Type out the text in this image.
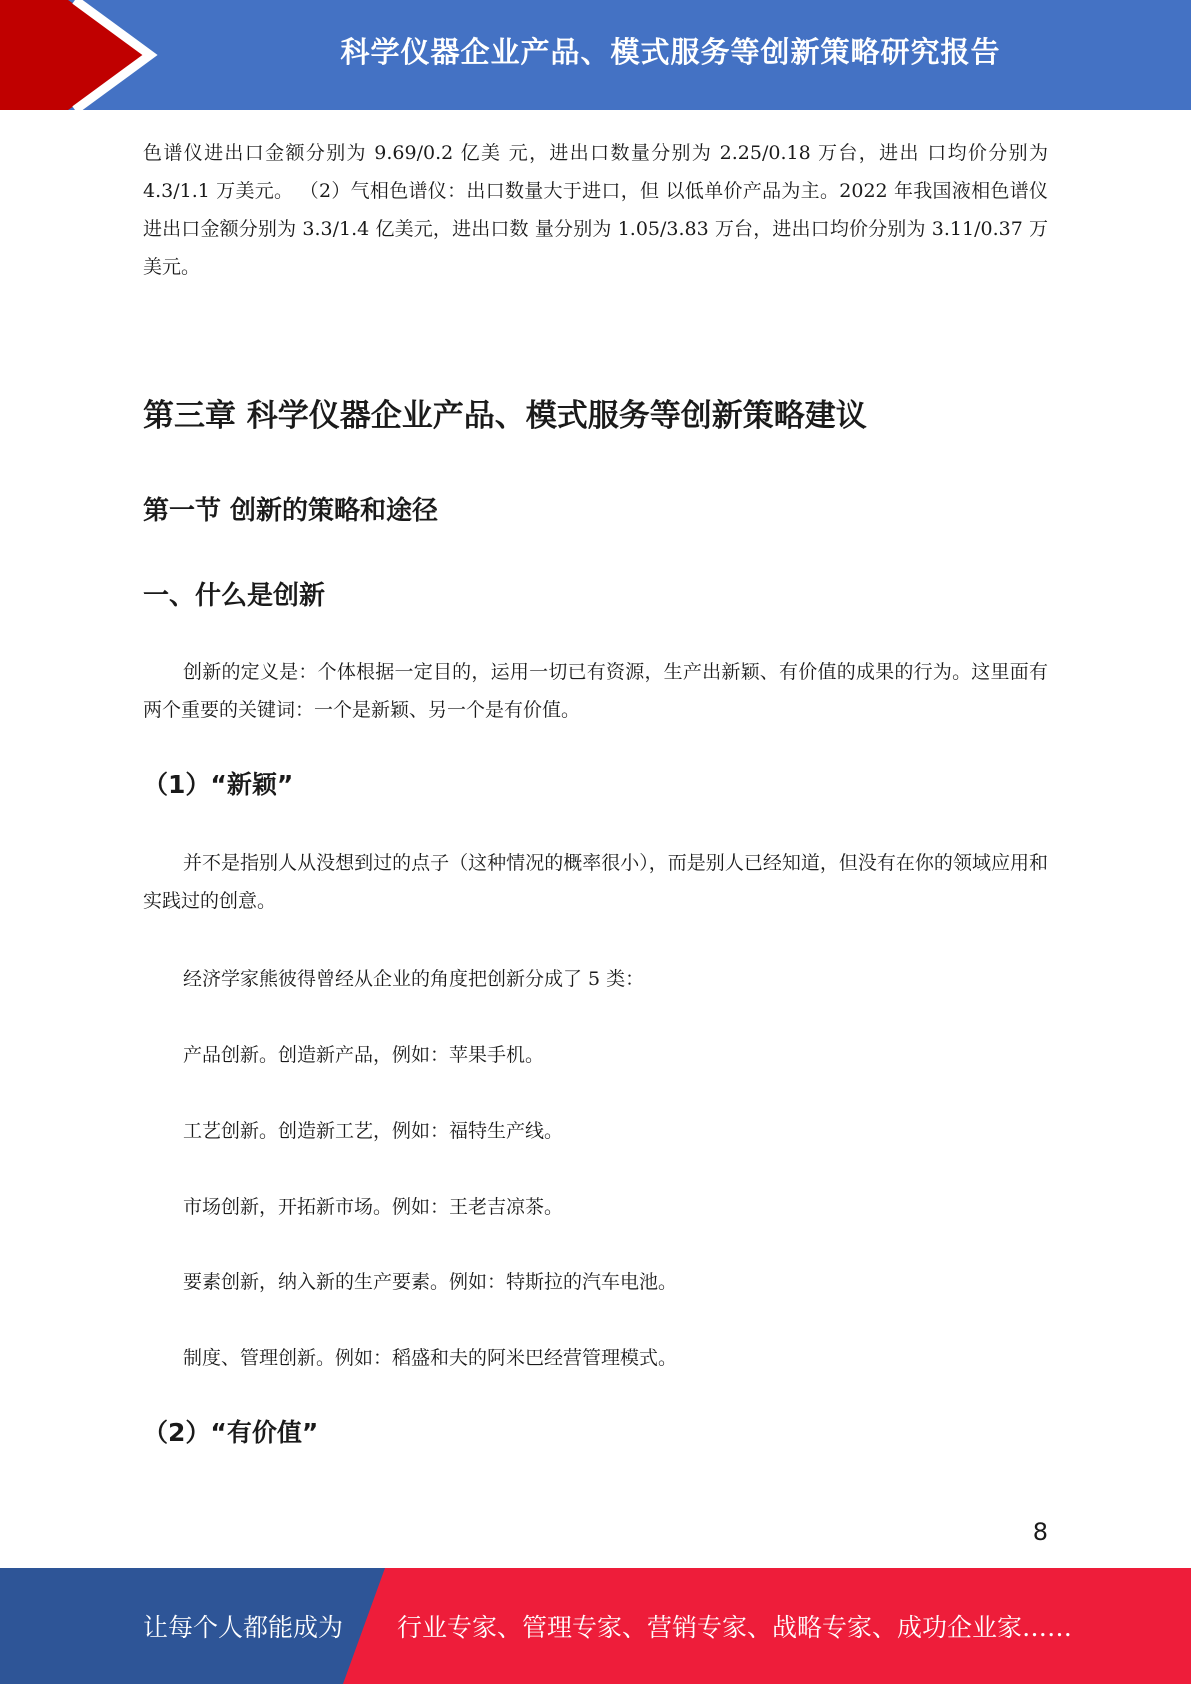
科学仪器企业产品、模式服务等创新策略研究报告

色谱仪进出口金额分别为 9.69/0.2 亿美 元，进出口数量分别为 2.25/0.18 万台，进出 口均价分别为 4.3/1.1 万美元。 （2）气相色谱仪：出口数量大于进口，但 以低单价产品为主。2022 年我国液相色谱仪 进出口金额分别为 3.3/1.4 亿美元，进出口数 量分别为 1.05/3.83 万台，进出口均价分别为 3.11/0.37 万美元。

第三章 科学仪器企业产品、模式服务等创新策略建议
第一节 创新的策略和途径
一、什么是创新

创新的定义是：个体根据一定目的，运用一切已有资源，生产出新颖、有价值的成果的行为。这里面有两个重要的关键词：一个是新颖、另一个是有价值。

（1）“新颖”

并不是指别人从没想到过的点子（这种情况的概率很小），而是别人已经知道，但没有在你的领域应用和实践过的创意。

经济学家熊彼得曾经从企业的角度把创新分成了 5 类：

产品创新。创造新产品，例如：苹果手机。

工艺创新。创造新工艺，例如：福特生产线。

市场创新，开拓新市场。例如：王老吉凉茶。

要素创新，纳入新的生产要素。例如：特斯拉的汽车电池。

制度、管理创新。例如：稻盛和夫的阿米巴经营管理模式。

（2）“有价值”
8
让每个人都能成为 行业专家、管理专家、营销专家、战略专家、成功企业家……
